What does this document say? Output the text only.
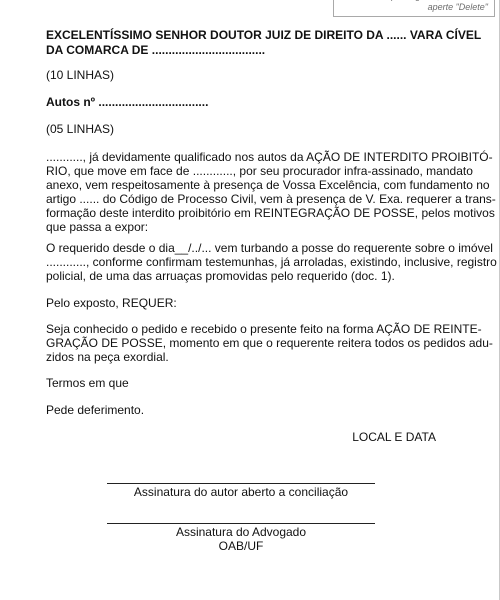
aperte "Delete"
EXCELENTÍSSIMO SENHOR DOUTOR JUIZ DE DIREITO DA ...... VARA CÍVEL
DA COMARCA DE ..................................
(10 LINHAS)
Autos nº .................................
(05 LINHAS)
..........., já devidamente qualificado nos autos da AÇÃO DE INTERDITO PROIBITÓ-
RIO, que move em face de ............, por seu procurador infra-assinado, mandato
anexo, vem respeitosamente à presença de Vossa Excelência, com fundamento no
artigo ...... do Código de Processo Civil, vem à presença de V. Exa. requerer a trans-
formação deste interdito proibitório em REINTEGRAÇÃO DE POSSE, pelos motivos
que passa a expor:
O requerido desde o dia__/../... vem turbando a posse do requerente sobre o imóvel
............, conforme confirmam testemunhas, já arroladas, existindo, inclusive, registro
policial, de uma das arruaças promovidas pelo requerido (doc. 1).
Pelo exposto, REQUER:
Seja conhecido o pedido e recebido o presente feito na forma AÇÃO DE REINTE-
GRAÇÃO DE POSSE, momento em que o requerente reitera todos os pedidos adu-
zidos na peça exordial.
Termos em que
Pede deferimento.
LOCAL E DATA
Assinatura do autor aberto a conciliação
Assinatura do Advogado
OAB/UF
